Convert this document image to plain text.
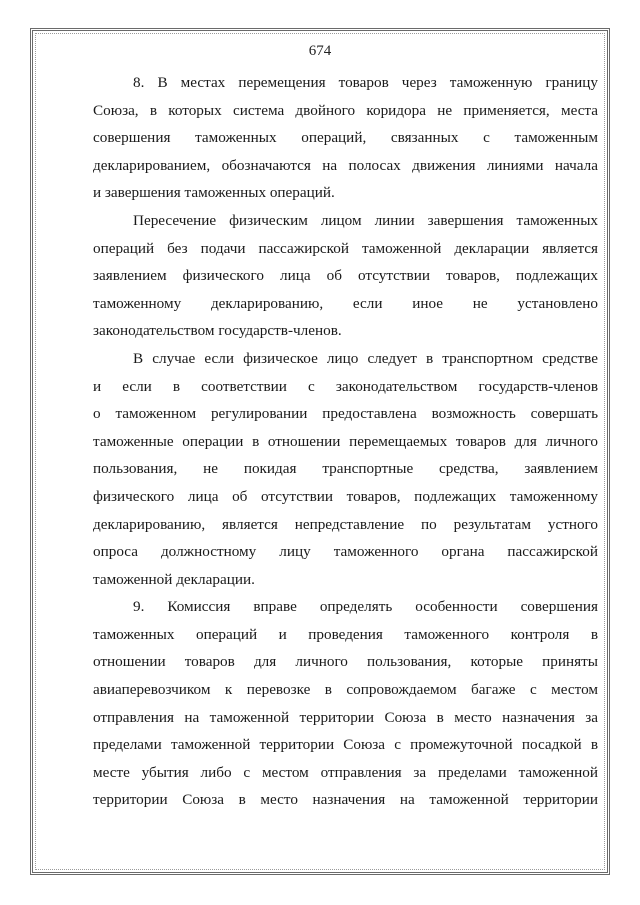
674
8. В местах перемещения товаров через таможенную границу
Союза, в которых система двойного коридора не применяется, места
совершения таможенных операций, связанных с таможенным
декларированием, обозначаются на полосах движения линиями начала
и завершения таможенных операций.
Пересечение физическим лицом линии завершения таможенных
операций без подачи пассажирской таможенной декларации является
заявлением физического лица об отсутствии товаров, подлежащих
таможенному декларированию, если иное не установлено
законодательством государств-членов.
В случае если физическое лицо следует в транспортном средстве
и если в соответствии с законодательством государств-членов
о таможенном регулировании предоставлена возможность совершать
таможенные операции в отношении перемещаемых товаров для личного
пользования, не покидая транспортные средства, заявлением
физического лица об отсутствии товаров, подлежащих таможенному
декларированию, является непредставление по результатам устного
опроса должностному лицу таможенного органа пассажирской
таможенной декларации.
9. Комиссия вправе определять особенности совершения
таможенных операций и проведения таможенного контроля в
отношении товаров для личного пользования, которые приняты
авиаперевозчиком к перевозке в сопровождаемом багаже с местом
отправления на таможенной территории Союза в место назначения за
пределами таможенной территории Союза с промежуточной посадкой в
месте убытия либо с местом отправления за пределами таможенной
территории Союза в место назначения на таможенной территории
